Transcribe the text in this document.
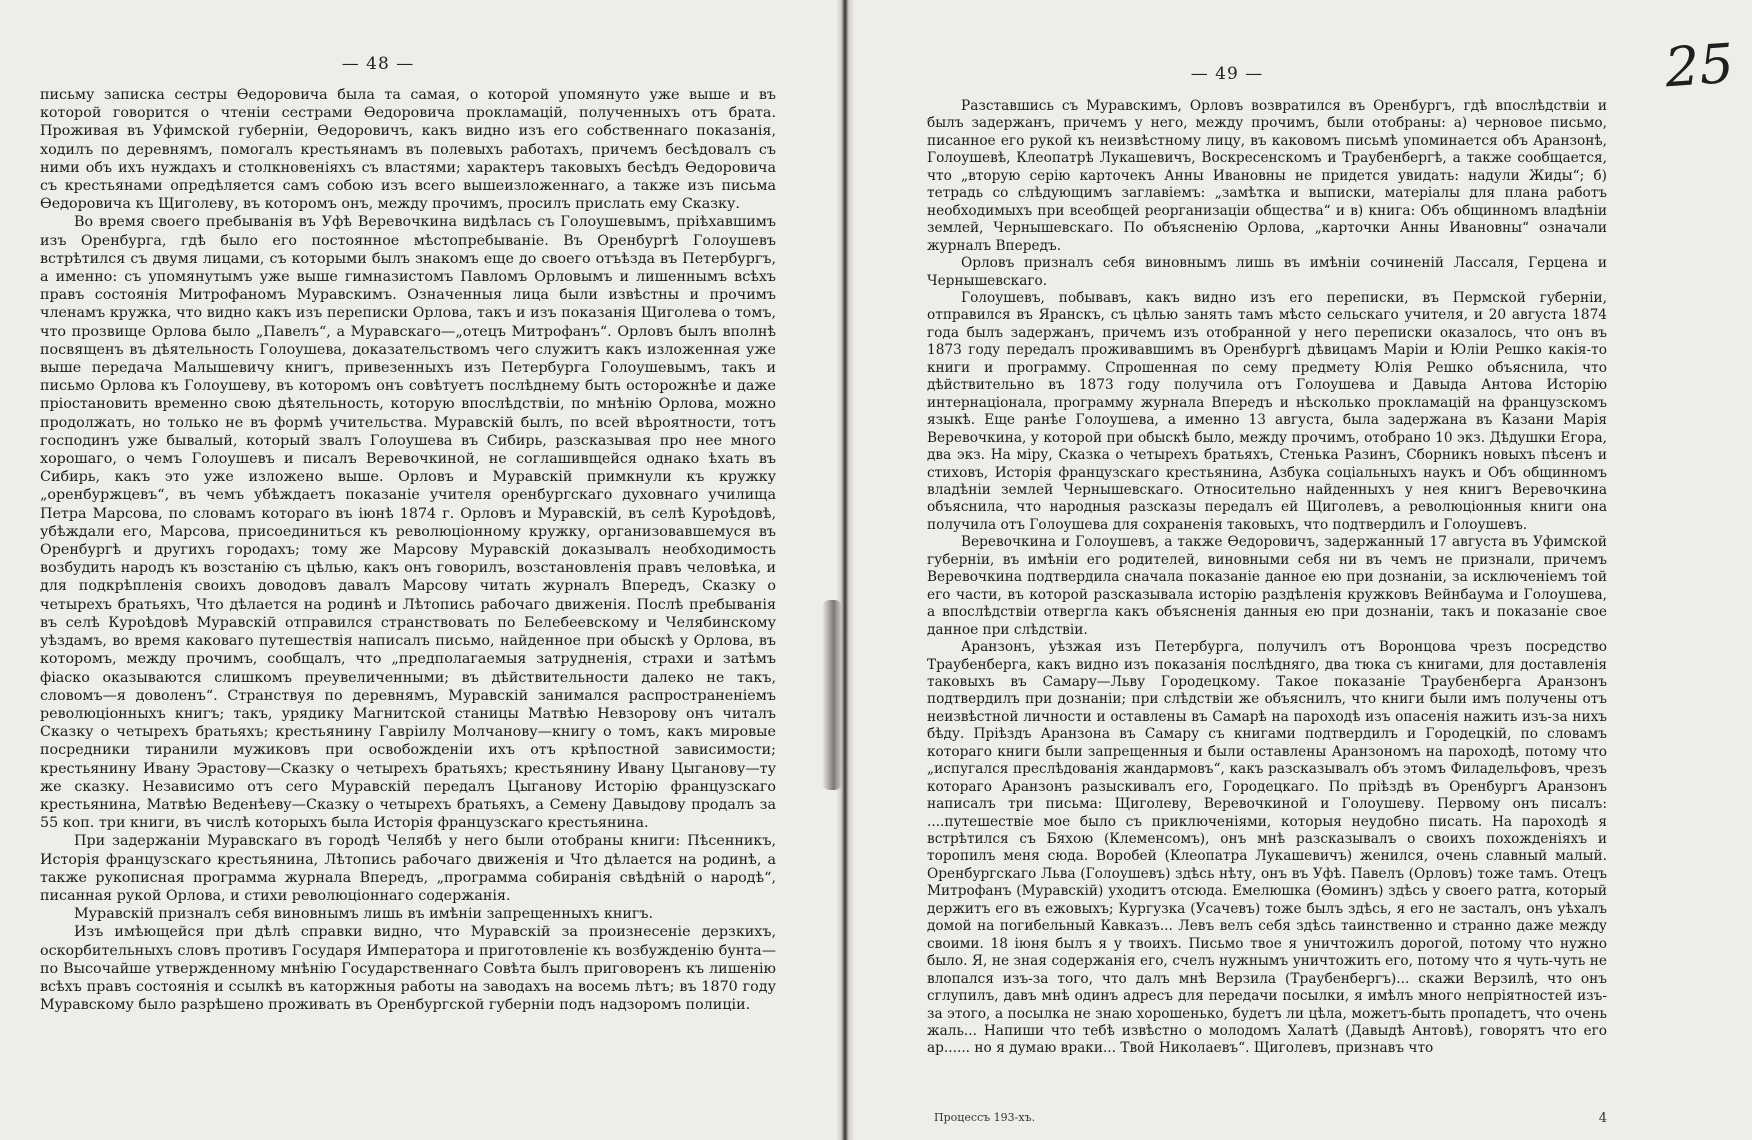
— 48 —

письму записка сестры Өедоровича была та самая, о которой упомянуто уже выше и въ которой говорится о чтеніи сестрами Өедоровича прокламацій, полученныхъ отъ брата. Проживая въ Уфимской губерніи, Өедоровичъ, какъ видно изъ его собственнаго показанія, ходилъ по деревнямъ, помогалъ крестьянамъ въ полевыхъ работахъ, причемъ бесѣдовалъ съ ними объ ихъ нуждахъ и столкновеніяхъ съ властями; характеръ таковыхъ бесѣдъ Өедоровича съ крестьянами опредѣляется самъ собою изъ всего вышеизложеннаго, а также изъ письма Өедоровича къ Щиголеву, въ которомъ онъ, между прочимъ, просилъ прислать ему Сказку.

Во время своего пребыванія въ Уфѣ Веревочкина видѣлась съ Голоушевымъ, пріѣхавшимъ изъ Оренбурга, гдѣ было его постоянное мѣстопребываніе. Въ Оренбургѣ Голоушевъ встрѣтился съ двумя лицами, съ которыми былъ знакомъ еще до своего отъѣзда въ Петербургъ, а именно: съ упомянутымъ уже выше гимназистомъ Павломъ Орловымъ и лишеннымъ всѣхъ правъ состоянія Митрофаномъ Муравскимъ. Означенныя лица были извѣстны и прочимъ членамъ кружка, что видно какъ изъ переписки Орлова, такъ и изъ показанія Щиголева о томъ, что прозвище Орлова было „Павелъ“, а Муравскаго—„отецъ Митрофанъ“. Орловъ былъ вполнѣ посвященъ въ дѣятельность Голоушева, доказательствомъ чего служитъ какъ изложенная уже выше передача Малышевичу книгъ, привезенныхъ изъ Петербурга Голоушевымъ, такъ и письмо Орлова къ Голоушеву, въ которомъ онъ совѣтуетъ послѣднему быть осторожнѣе и даже пріостановить временно свою дѣятельность, которую впослѣдствіи, по мнѣнію Орлова, можно продолжать, но только не въ формѣ учительства. Муравскій былъ, по всей вѣроятности, тотъ господинъ уже бывалый, который звалъ Голоушева въ Сибирь, разсказывая про нее много хорошаго, о чемъ Голоушевъ и писалъ Веревочкиной, не соглашивщейся однако ѣхать въ Сибирь, какъ это уже изложено выше. Орловъ и Муравскій примкнули къ кружку „оренбуржцевъ“, въ чемъ убѣждаетъ показаніе учителя оренбургскаго духовнаго училища Петра Марсова, по словамъ котораго въ іюнѣ 1874 г. Орловъ и Муравскій, въ селѣ Куроѣдовѣ, убѣждали его, Марсова, присоединиться къ революціонному кружку, организовавшемуся въ Оренбургѣ и другихъ городахъ; тому же Марсову Муравскій доказывалъ необходимость возбудить народъ къ возстанію съ цѣлью, какъ онъ говорилъ, возстановленія правъ человѣка, и для подкрѣпленія своихъ доводовъ давалъ Марсову читать журналъ Впередъ, Сказку о четырехъ братьяхъ, Что дѣлается на родинѣ и Лѣтопись рабочаго движенія. Послѣ пребыванія въ селѣ Куроѣдовѣ Муравскій отправился странствовать по Белебеевскому и Челябинскому уѣздамъ, во время каковаго путешествія написалъ письмо, найденное при обыскѣ у Орлова, въ которомъ, между прочимъ, сообщалъ, что „предполагаемыя затрудненія, страхи и затѣмъ фіаско оказываются слишкомъ преувеличенными; въ дѣйствительности далеко не такъ, словомъ—я доволенъ“. Странствуя по деревнямъ, Муравскій занимался распространеніемъ революціонныхъ книгъ; такъ, урядику Магнитской станицы Матвѣю Невзорову онъ читалъ Сказку о четырехъ братьяхъ; крестьянину Гавріилу Молчанову—книгу о томъ, какъ мировые посредники тиранили мужиковъ при освобожденіи ихъ отъ крѣпостной зависимости; крестьянину Ивану Эрастову—Сказку о четырехъ братьяхъ; крестьянину Ивану Цыганову—ту же сказку. Независимо отъ сего Муравскій передалъ Цыганову Исторію французскаго крестьянина, Матвѣю Веденѣеву—Сказку о четырехъ братьяхъ, а Семену Давыдову продалъ за 55 коп. три книги, въ числѣ которыхъ была Исторія французскаго крестьянина.

При задержаніи Муравскаго въ городѣ Челябѣ у него были отобраны книги: Пѣсенникъ, Исторія французскаго крестьянина, Лѣтопись рабочаго движенія и Что дѣлается на родинѣ, а также рукописная программа журнала Впередъ, „программа собиранія свѣдѣній о народѣ“, писанная рукой Орлова, и стихи революціоннаго содержанія.

Муравскій призналъ себя виновнымъ лишь въ имѣніи запрещенныхъ книгъ.

Изъ имѣющейся при дѣлѣ справки видно, что Муравскій за произнесеніе дерзкихъ, оскорбительныхъ словъ противъ Государя Императора и приготовленіе къ возбужденію бунта—по Высочайше утвержденному мнѣнію Государственнаго Совѣта былъ приговоренъ къ лишенію всѣхъ правъ состоянія и ссылкѣ въ каторжныя работы на заводахъ на восемь лѣтъ; въ 1870 году Муравскому было разрѣшено проживать въ Оренбургской губерніи подъ надзоромъ полиціи.

— 49 —

Разставшись съ Муравскимъ, Орловъ возвратился въ Оренбургъ, гдѣ впослѣдствіи и былъ задержанъ, причемъ у него, между прочимъ, были отобраны: а) черновое письмо, писанное его рукой къ неизвѣстному лицу, въ каковомъ письмѣ упоминается объ Аранзонѣ, Голоушевѣ, Клеопатрѣ Лукашевичъ, Воскресенскомъ и Траубенбергѣ, а также сообщается, что „вторую серію карточекъ Анны Ивановны не придется увидать: надули Жиды“; б) тетрадь со слѣдующимъ заглавіемъ: „замѣтка и выписки, матеріалы для плана работъ необходимыхъ при всеобщей реорганизаціи общества“ и в) книга: Объ общинномъ владѣніи землей, Чернышевскаго. По объясненію Орлова, „карточки Анны Ивановны“ означали журналъ Впередъ.

Орловъ призналъ себя виновнымъ лишь въ имѣніи сочиненій Лассаля, Герцена и Чернышевскаго.

Голоушевъ, побывавъ, какъ видно изъ его переписки, въ Пермской губерніи, отправился въ Яранскъ, съ цѣлью занять тамъ мѣсто сельскаго учителя, и 20 августа 1874 года былъ задержанъ, причемъ изъ отобранной у него переписки оказалось, что онъ въ 1873 году передалъ проживавшимъ въ Оренбургѣ дѣвицамъ Маріи и Юліи Решко какія-то книги и программу. Спрошенная по сему предмету Юлія Решко объяснила, что дѣйствительно въ 1873 году получила отъ Голоушева и Давыда Антова Исторію интернаціонала, программу журнала Впередъ и нѣсколько прокламацій на французскомъ языкѣ. Еще ранѣе Голоушева, а именно 13 августа, была задержана въ Казани Марія Веревочкина, у которой при обыскѣ было, между прочимъ, отобрано 10 экз. Дѣдушки Егора, два экз. На міру, Сказка о четырехъ братьяхъ, Стенька Разинъ, Сборникъ новыхъ пѣсенъ и стиховъ, Исторія французскаго крестьянина, Азбука соціальныхъ наукъ и Объ общинномъ владѣніи землей Чернышевскаго. Относительно найденныхъ у нея книгъ Веревочкина объяснила, что народныя разсказы передалъ ей Щиголевъ, а революціонныя книги она получила отъ Голоушева для сохраненія таковыхъ, что подтвердилъ и Голоушевъ.

Веревочкина и Голоушевъ, а также Өедоровичъ, задержанный 17 августа въ Уфимской губерніи, въ имѣніи его родителей, виновными себя ни въ чемъ не признали, причемъ Веревочкина подтвердила сначала показаніе данное ею при дознаніи, за исключеніемъ той его части, въ которой разсказывала исторію раздѣленія кружковъ Вейнбаума и Голоушева, а впослѣдствіи отвергла какъ объясненія данныя ею при дознаніи, такъ и показаніе свое данное при слѣдствіи.

Аранзонъ, уѣзжая изъ Петербурга, получилъ отъ Воронцова чрезъ посредство Траубенберга, какъ видно изъ показанія послѣдняго, два тюка съ книгами, для доставленія таковыхъ въ Самару—Льву Городецкому. Такое показаніе Траубенберга Аранзонъ подтвердилъ при дознаніи; при слѣдствіи же объяснилъ, что книги были имъ получены отъ неизвѣстной личности и оставлены въ Самарѣ на пароходѣ изъ опасенія нажить изъ-за нихъ бѣду. Пріѣздъ Аранзона въ Самару съ книгами подтвердилъ и Городецкій, по словамъ котораго книги были запрещенныя и были оставлены Аранзономъ на пароходѣ, потому что „испугался преслѣдованія жандармовъ“, какъ разсказывалъ объ этомъ Филадельфовъ, чрезъ котораго Аранзонъ разыскивалъ его, Городецкаго. По пріѣздѣ въ Оренбургъ Аранзонъ написалъ три письма: Щиголеву, Веревочкиной и Голоушеву. Первому онъ писалъ: ....путешествіе мое было съ приключеніями, которыя неудобно писать. На пароходѣ я встрѣтился съ Бяхою (Клеменсомъ), онъ мнѣ разсказывалъ о своихъ похожденіяхъ и торопилъ меня сюда. Воробей (Клеопатра Лукашевичъ) женился, очень славный малый. Оренбургскаго Льва (Голоушевъ) здѣсь нѣту, онъ въ Уфѣ. Павелъ (Орловъ) тоже тамъ. Отецъ Митрофанъ (Муравскій) уходитъ отсюда. Емелюшка (Өоминъ) здѣсь у своего paтrа, который держитъ его въ ежовыхъ; Кургузка (Усачевъ) тоже былъ здѣсь, я его не засталъ, онъ уѣхалъ домой на погибельный Кавказъ... Левъ велъ себя здѣсь таинственно и странно даже между своими. 18 іюня былъ я у твоихъ. Письмо твое я уничтожилъ дорогой, потому что нужно было. Я, не зная содержанія его, счелъ нужнымъ уничтожить его, потому что я чуть-чуть не влопался изъ-за того, что далъ мнѣ Верзила (Траубенбергъ)... скажи Верзилѣ, что онъ сглупилъ, давъ мнѣ одинъ адресъ для передачи посылки, я имѣлъ много непріятностей изъ-за этого, а посылка не знаю хорошенько, будетъ ли цѣла, можетъ-быть пропадетъ, что очень жаль... Напиши что тебѣ извѣстно о молодомъ Халатѣ (Давыдѣ Антовѣ), говорятъ что его ар...... но я думаю враки... Твой Николаевъ“. Щиголевъ, признавъ что

Процессъ 193-хъ.	4
25
